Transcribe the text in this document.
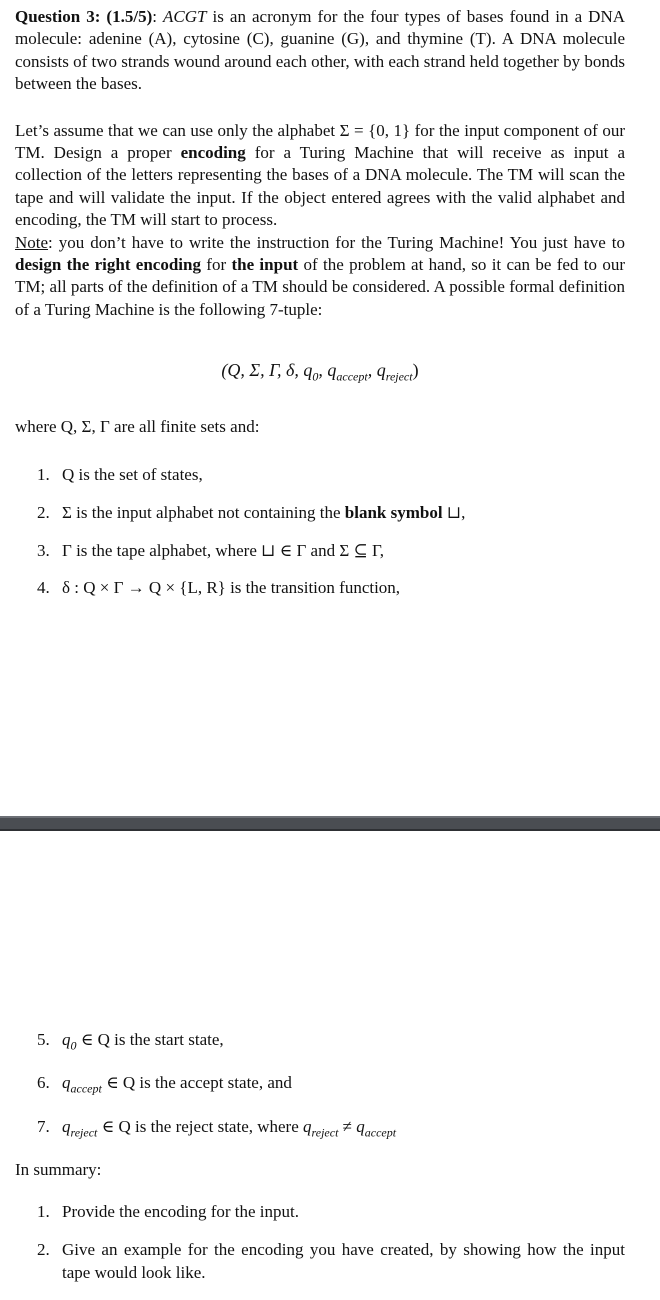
Question 3: (1.5/5): ACGT is an acronym for the four types of bases found in a DNA molecule: adenine (A), cytosine (C), guanine (G), and thymine (T). A DNA molecule consists of two strands wound around each other, with each strand held together by bonds between the bases.

Let’s assume that we can use only the alphabet Σ = {0, 1} for the input component of our TM. Design a proper encoding for a Turing Machine that will receive as input a collection of the letters representing the bases of a DNA molecule. The TM will scan the tape and will validate the input. If the object entered agrees with the valid alphabet and encoding, the TM will start to process.

Note: you don’t have to write the instruction for the Turing Machine! You just have to design the right encoding for the input of the problem at hand, so it can be fed to our TM; all parts of the definition of a TM should be considered. A possible formal definition of a Turing Machine is the following 7-tuple:

(Q, Σ, Γ, δ, $q_0$, $q_{accept}$, $q_{reject}$)

where Q, Σ, Γ are all finite sets and:

1. Q is the set of states,
2. Σ is the input alphabet not containing the blank symbol ⊔,
3. Γ is the tape alphabet, where ⊔ ∈ Γ and Σ ⊆ Γ,
4. δ : Q × Γ → Q × {L, R} is the transition function,
5. $q_0$ ∈ Q is the start state,
6. $q_{accept}$ ∈ Q is the accept state, and
7. $q_{reject}$ ∈ Q is the reject state, where $q_{reject} \ne q_{accept}$

In summary:

1. Provide the encoding for the input.
2. Give an example for the encoding you have created, by showing how the input tape would look like.
